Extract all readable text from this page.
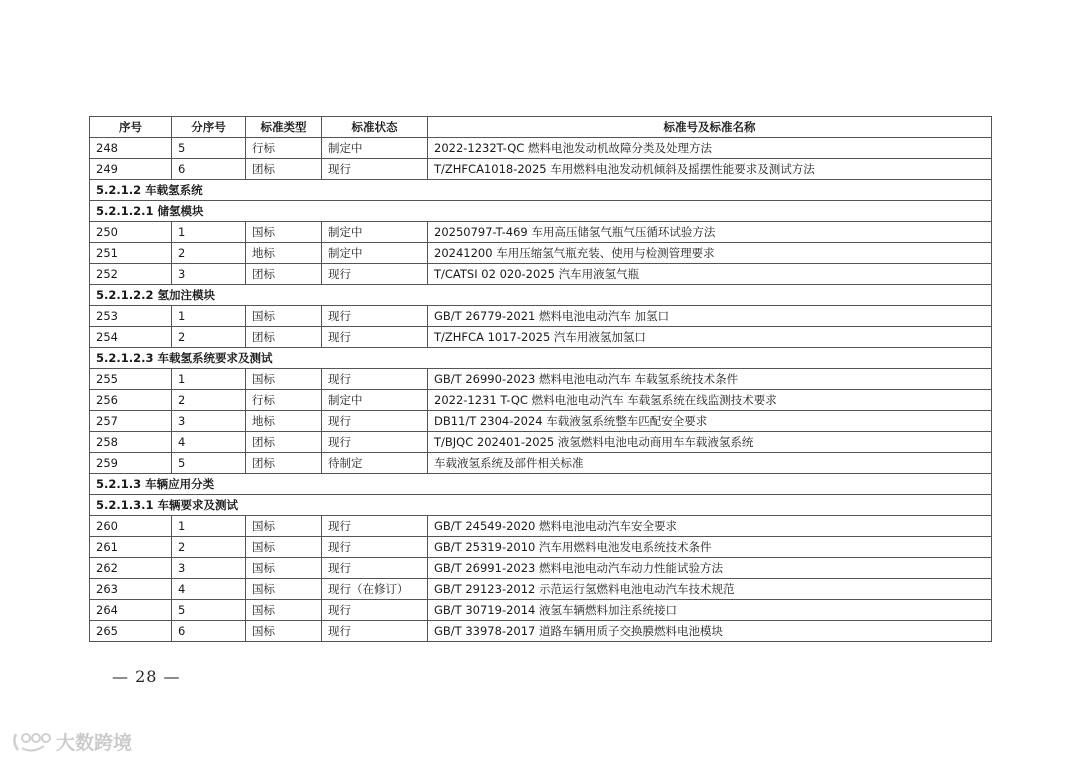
序号	分序号	标准类型	标准状态	标准号及标准名称
248	5	行标	制定中	2022-1232T-QC 燃料电池发动机故障分类及处理方法
249	6	团标	现行	T/ZHFCA1018-2025 车用燃料电池发动机倾斜及摇摆性能要求及测试方法
5.2.1.2 车载氢系统				
5.2.1.2.1 储氢模块				
250	1	国标	制定中	20250797-T-469 车用高压储氢气瓶气压循环试验方法
251	2	地标	制定中	20241200 车用压缩氢气瓶充装、使用与检测管理要求
252	3	团标	现行	T/CATSI 02 020-2025 汽车用液氢气瓶
5.2.1.2.2 氢加注模块				
253	1	国标	现行	GB/T 26779-2021 燃料电池电动汽车 加氢口
254	2	团标	现行	T/ZHFCA 1017-2025 汽车用液氢加氢口
5.2.1.2.3 车载氢系统要求及测试				
255	1	国标	现行	GB/T 26990-2023 燃料电池电动汽车 车载氢系统技术条件
256	2	行标	制定中	2022-1231 T-QC 燃料电池电动汽车 车载氢系统在线监测技术要求
257	3	地标	现行	DB11/T 2304-2024 车载液氢系统整车匹配安全要求
258	4	团标	现行	T/BJQC 202401-2025 液氢燃料电池电动商用车车载液氢系统
259	5	团标	待制定	车载液氢系统及部件相关标准
5.2.1.3 车辆应用分类				
5.2.1.3.1 车辆要求及测试				
260	1	国标	现行	GB/T 24549-2020 燃料电池电动汽车安全要求
261	2	国标	现行	GB/T 25319-2010 汽车用燃料电池发电系统技术条件
262	3	国标	现行	GB/T 26991-2023 燃料电池电动汽车动力性能试验方法
263	4	国标	现行（在修订）	GB/T 29123-2012 示范运行氢燃料电池电动汽车技术规范
264	5	国标	现行	GB/T 30719-2014 液氢车辆燃料加注系统接口
265	6	国标	现行	GB/T 33978-2017 道路车辆用质子交换膜燃料电池模块
— 28 —
大数跨境
